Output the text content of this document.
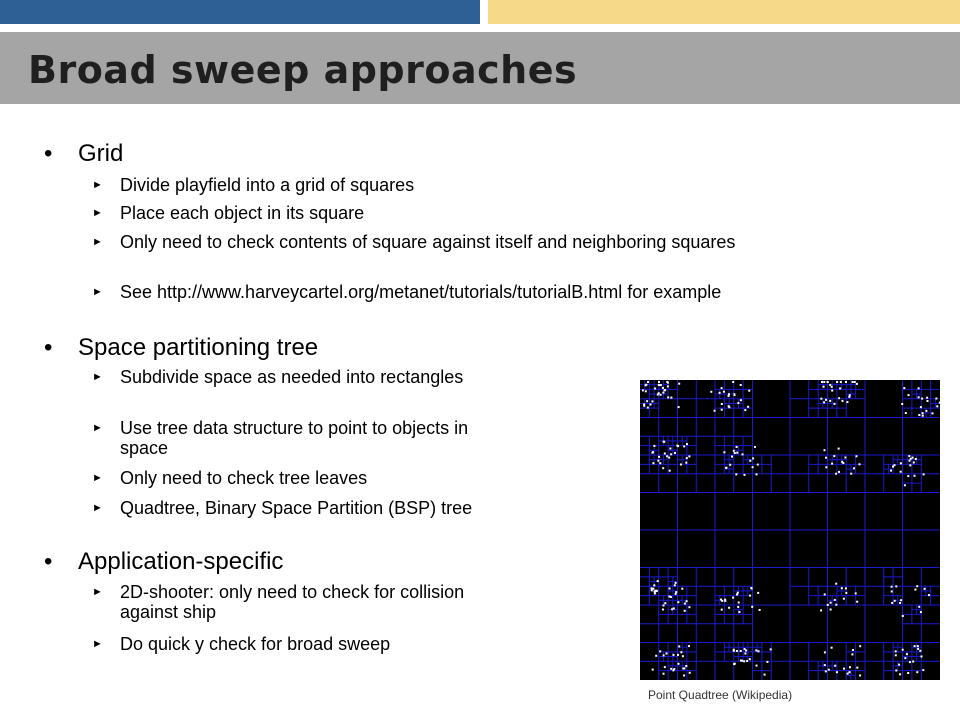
Broad sweep approaches
• Grid
► Divide playfield into a grid of squares
► Place each object in its square
► Only need to check contents of square against itself and neighboring squares
► See http://www.harveycartel.org/metanet/tutorials/tutorialB.html for example
• Space partitioning tree
► Subdivide space as needed into rectangles
► Use tree data structure to point to objects in space
► Only need to check tree leaves
► Quadtree, Binary Space Partition (BSP) tree
• Application-specific
► 2D-shooter: only need to check for collision against ship
► Do quick y check for broad sweep
Point Quadtree (Wikipedia)
